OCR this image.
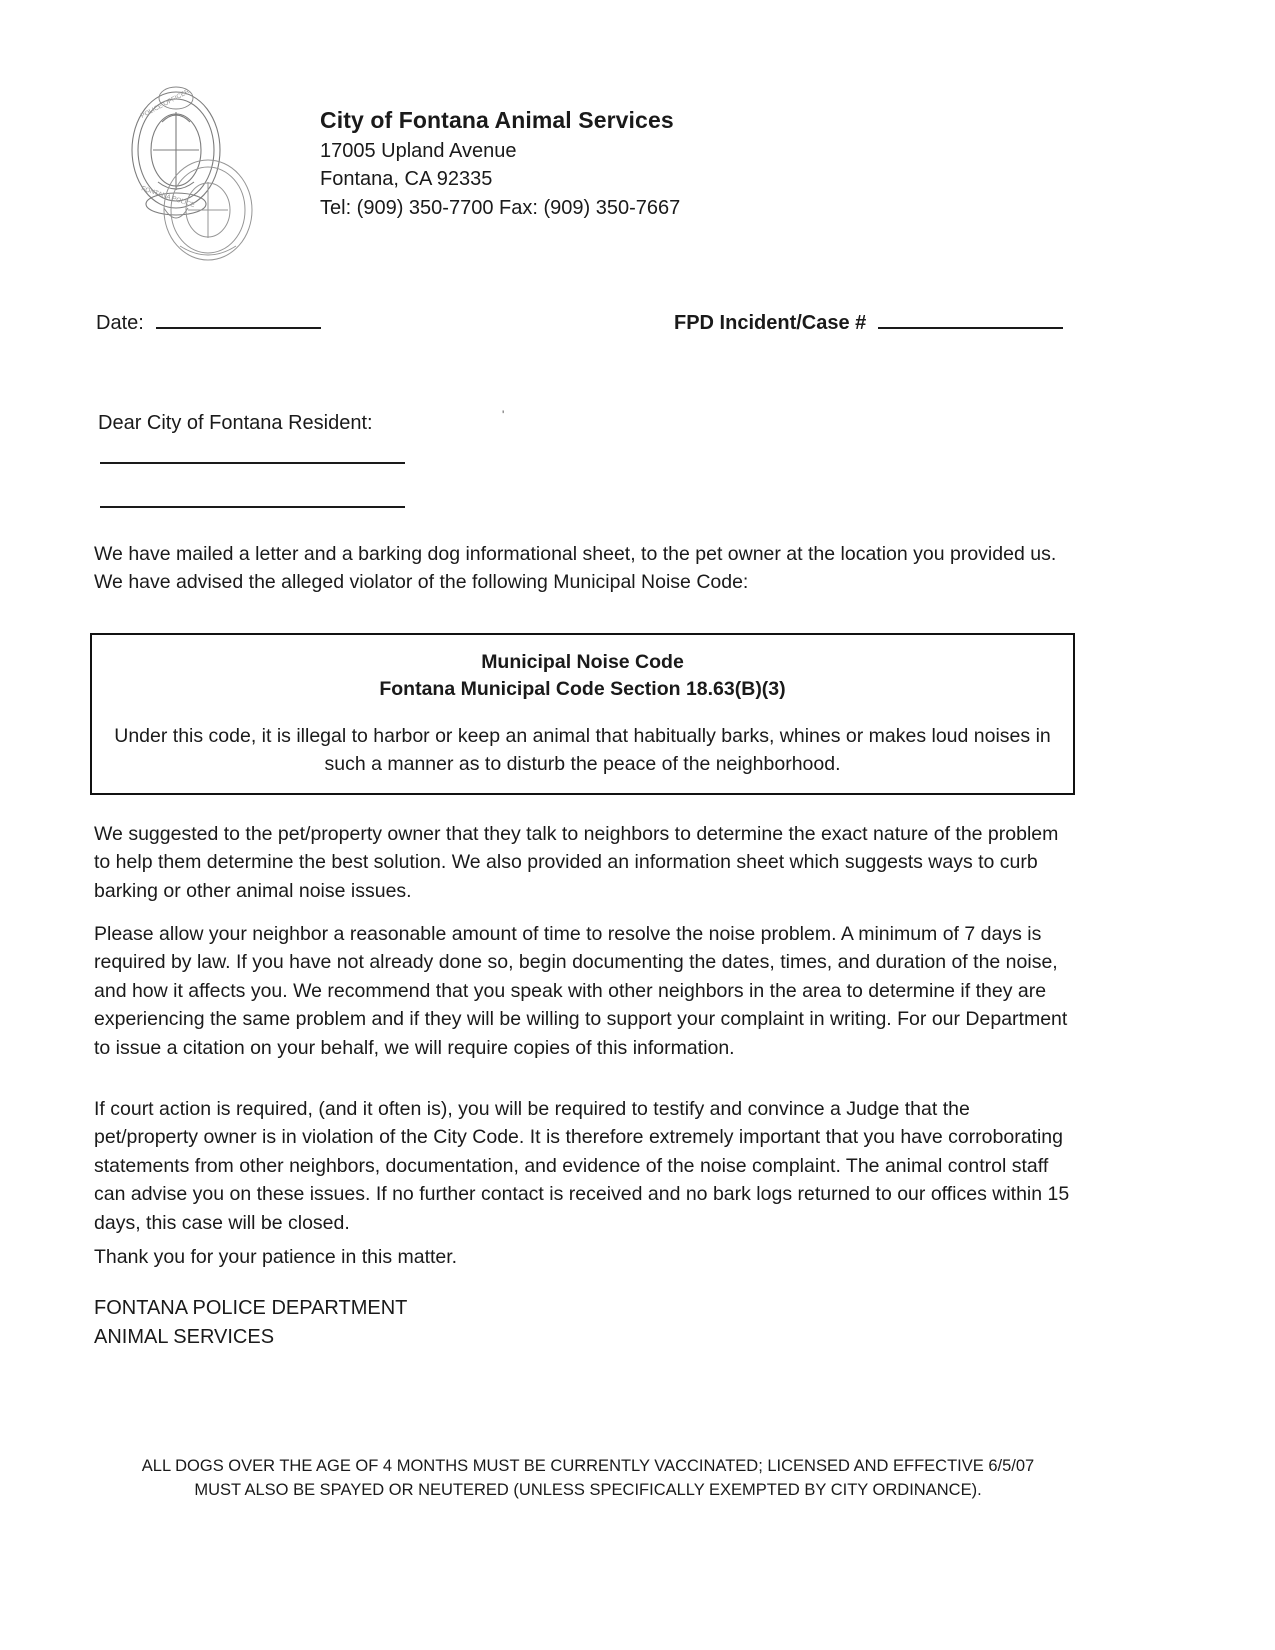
POLICE OFFICER
FONTANA POLICE

City of Fontana Animal Services

17005 Upland Avenue

Fontana, CA 92335

Tel: (909) 350-7700 Fax: (909) 350-7667

Date:	FPD Incident/Case #
Dear City of Fontana Resident:	'
We have mailed a letter and a barking dog informational sheet, to the pet owner at the location you provided us. We have advised the alleged violator of the following Municipal Noise Code:
Municipal Noise Code
Fontana Municipal Code Section 18.63(B)(3)
Under this code, it is illegal to harbor or keep an animal that habitually barks, whines or makes loud noises in such a manner as to disturb the peace of the neighborhood.
We suggested to the pet/property owner that they talk to neighbors to determine the exact nature of the problem to help them determine the best solution. We also provided an information sheet which suggests ways to curb barking or other animal noise issues.
Please allow your neighbor a reasonable amount of time to resolve the noise problem. A minimum of 7 days is required by law. If you have not already done so, begin documenting the dates, times, and duration of the noise, and how it affects you. We recommend that you speak with other neighbors in the area to determine if they are experiencing the same problem and if they will be willing to support your complaint in writing. For our Department to issue a citation on your behalf, we will require copies of this information.
If court action is required, (and it often is), you will be required to testify and convince a Judge that the pet/property owner is in violation of the City Code. It is therefore extremely important that you have corroborating statements from other neighbors, documentation, and evidence of the noise complaint. The animal control staff can advise you on these issues. If no further contact is received and no bark logs returned to our offices within 15 days, this case will be closed.
Thank you for your patience in this matter.

FONTANA POLICE DEPARTMENT

ANIMAL SERVICES

ALL DOGS OVER THE AGE OF 4 MONTHS MUST BE CURRENTLY VACCINATED; LICENSED AND EFFECTIVE 6/5/07

MUST ALSO BE SPAYED OR NEUTERED (UNLESS SPECIFICALLY EXEMPTED BY CITY ORDINANCE).
